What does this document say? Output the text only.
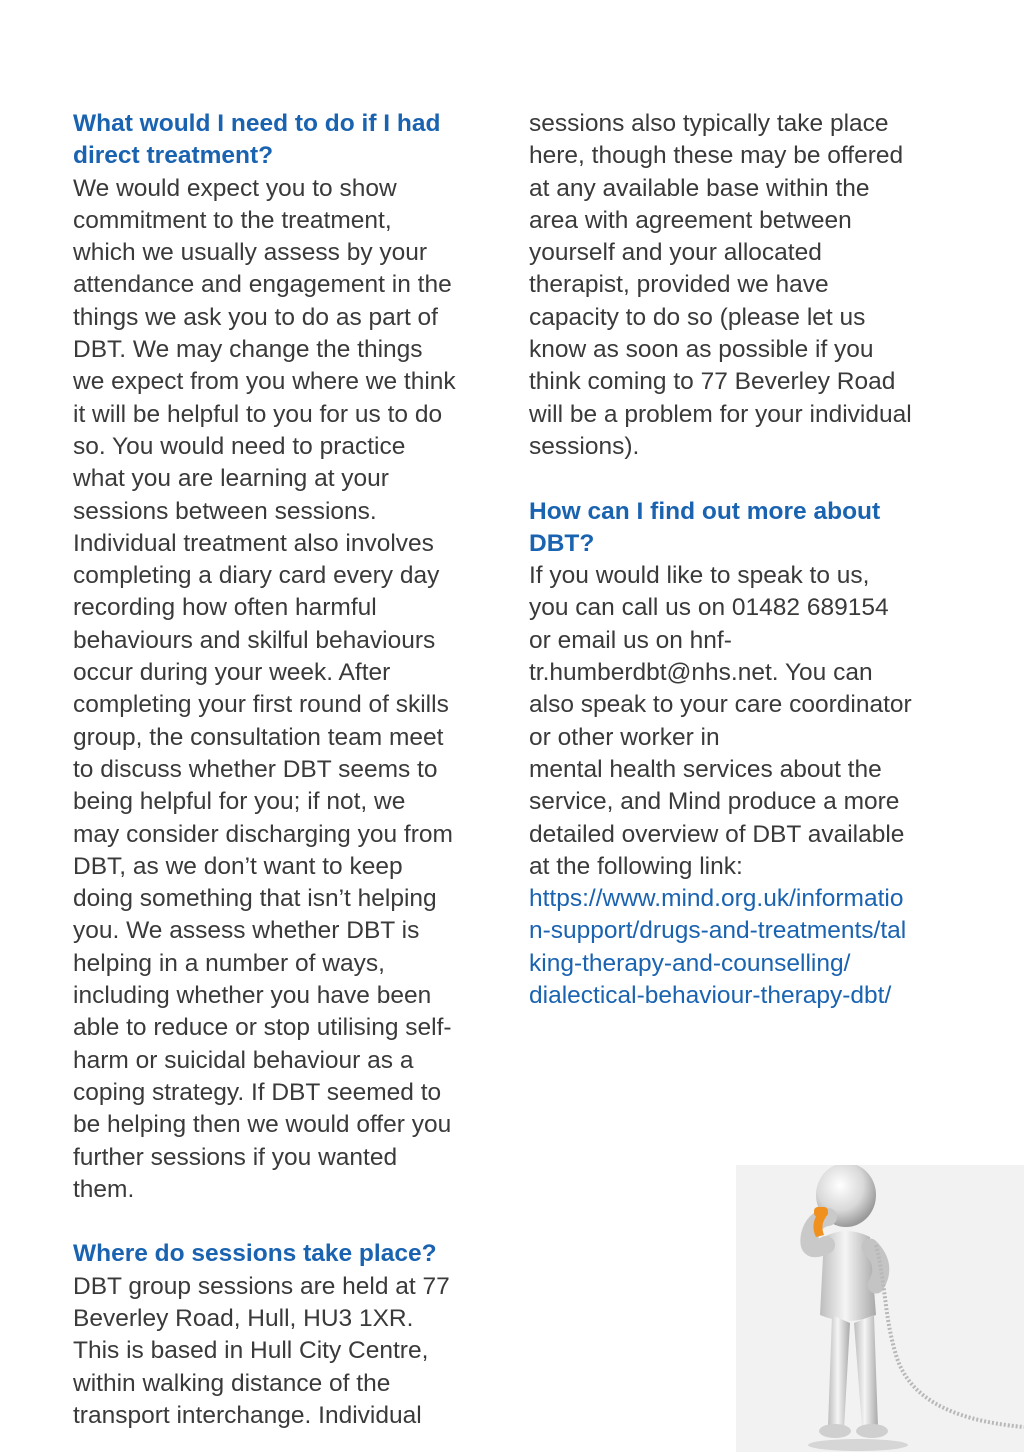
What would I need to do if I had
direct treatment?
We would expect you to show
commitment to the treatment,
which we usually assess by your
attendance and engagement in the
things we ask you to do as part of
DBT. We may change the things
we expect from you where we think
it will be helpful to you for us to do
so. You would need to practice
what you are learning at your
sessions between sessions.
Individual treatment also involves
completing a diary card every day
recording how often harmful
behaviours and skilful behaviours
occur during your week. After
completing your first round of skills
group, the consultation team meet
to discuss whether DBT seems to
being helpful for you; if not, we
may consider discharging you from
DBT, as we don’t want to keep
doing something that isn’t helping
you. We assess whether DBT is
helping in a number of ways,
including whether you have been
able to reduce or stop utilising self-
harm or suicidal behaviour as a
coping strategy. If DBT seemed to
be helping then we would offer you
further sessions if you wanted
them.
Where do sessions take place?
DBT group sessions are held at 77
Beverley Road, Hull, HU3 1XR.
This is based in Hull City Centre,
within walking distance of the
transport interchange. Individual
sessions also typically take place
here, though these may be offered
at any available base within the
area with agreement between
yourself and your allocated
therapist, provided we have
capacity to do so (please let us
know as soon as possible if you
think coming to 77 Beverley Road
will be a problem for your individual
sessions).
How can I find out more about
DBT?
If you would like to speak to us,
you can call us on 01482 689154
or email us on hnf-
tr.humberdbt@nhs.net. You can
also speak to your care coordinator
or other worker in
mental health services about the
service, and Mind produce a more
detailed overview of DBT available
at the following link:
https://www.mind.org.uk/informatio
n-support/drugs-and-treatments/tal
king-therapy-and-counselling/
dialectical-behaviour-therapy-dbt/
